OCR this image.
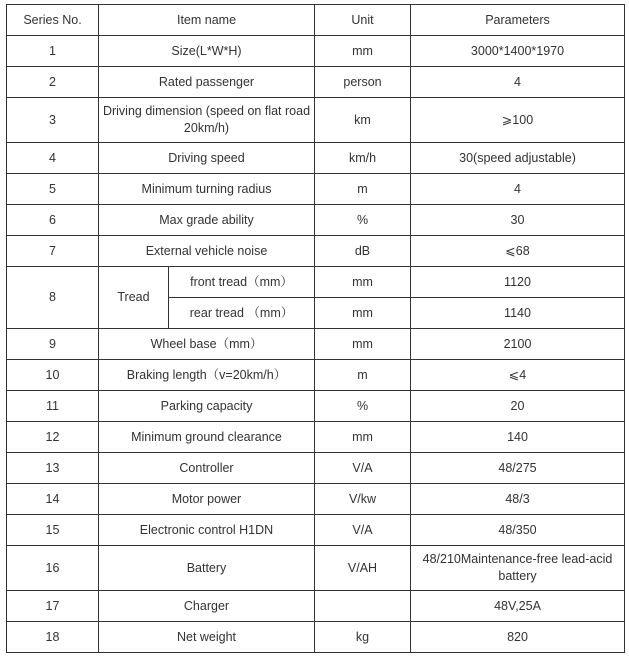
Series No.	Item name		Unit	Parameters
1	Size(L*W*H)		mm	3000*1400*1970
2	Rated passenger		person	4
3	Driving dimension (speed on flat road 20km/h)		km	⩾100
4	Driving speed		km/h	30(speed adjustable)
5	Minimum turning radius		m	4
6	Max grade ability		%	30
7	External vehicle noise		dB	⩽68
8	Tread	front tread（mm）	mm	1120
		rear tread （mm）	mm	1140
9	Wheel base（mm）		mm	2100
10	Braking length（v=20km/h）		m	⩽4
11	Parking capacity		%	20
12	Minimum ground clearance		mm	140
13	Controller		V/A	48/275
14	Motor power		V/kw	48/3
15	Electronic control H1DN		V/A	48/350
16	Battery		V/AH	48/210Maintenance-free lead-acid battery
17	Charger			48V,25A
18	Net weight		kg	820
